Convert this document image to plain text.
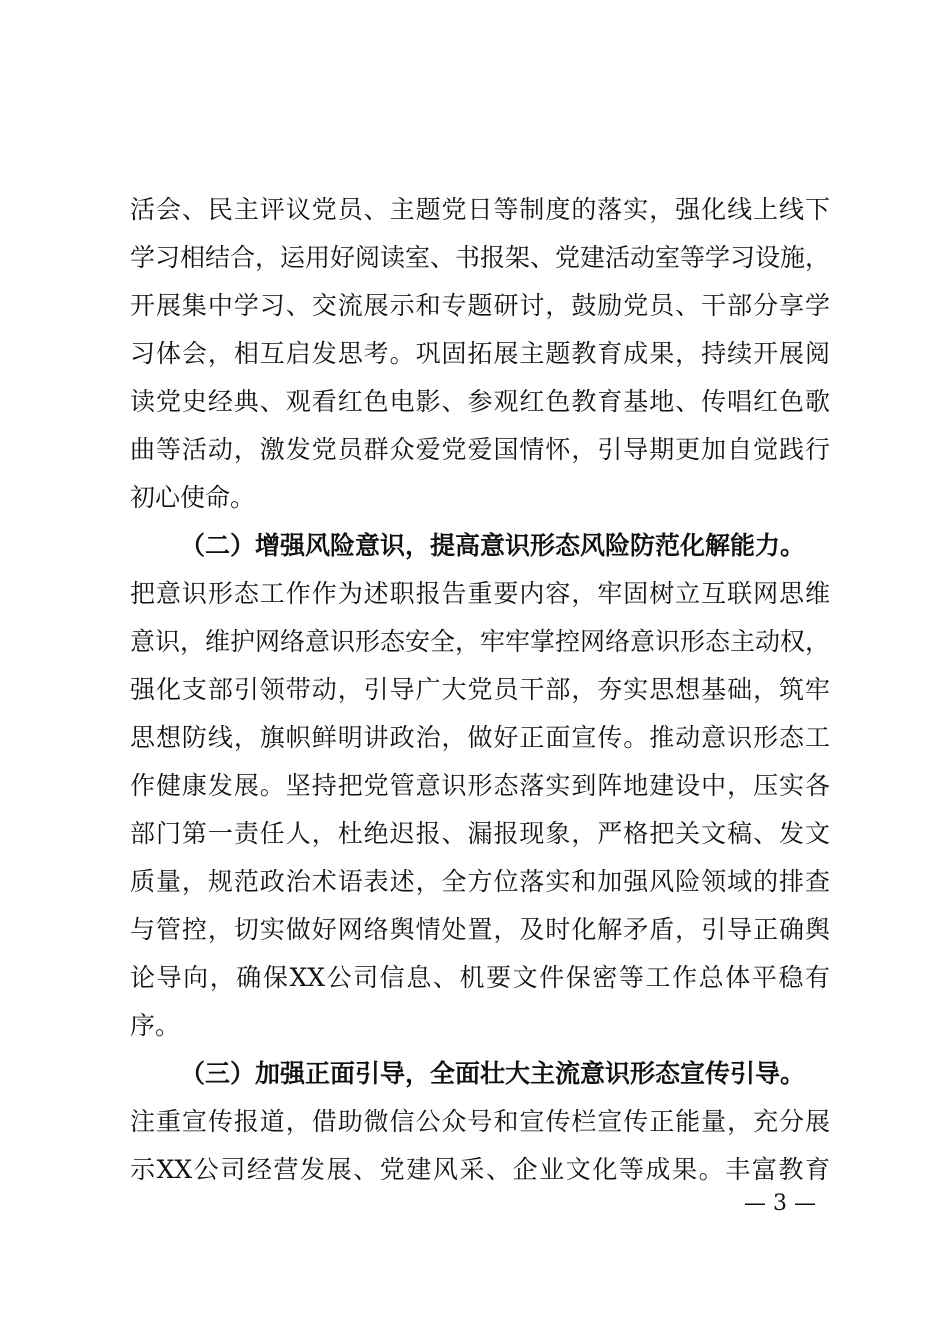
活会、民主评议党员、主题党日等制度的落实，强化线上线下
学习相结合，运用好阅读室、书报架、党建活动室等学习设施，
开展集中学习、交流展示和专题研讨，鼓励党员、干部分享学
习体会，相互启发思考。巩固拓展主题教育成果，持续开展阅
读党史经典、观看红色电影、参观红色教育基地、传唱红色歌
曲等活动，激发党员群众爱党爱国情怀，引导期更加自觉践行
初心使命。
（二）增强风险意识，提高意识形态风险防范化解能力。
把意识形态工作作为述职报告重要内容，牢固树立互联网思维
意识，维护网络意识形态安全，牢牢掌控网络意识形态主动权，
强化支部引领带动，引导广大党员干部，夯实思想基础，筑牢
思想防线，旗帜鲜明讲政治，做好正面宣传。推动意识形态工
作健康发展。坚持把党管意识形态落实到阵地建设中，压实各
部门第一责任人，杜绝迟报、漏报现象，严格把关文稿、发文
质量，规范政治术语表述，全方位落实和加强风险领域的排查
与管控，切实做好网络舆情处置，及时化解矛盾，引导正确舆
论导向，确保XX公司信息、机要文件保密等工作总体平稳有
序。
（三）加强正面引导，全面壮大主流意识形态宣传引导。
注重宣传报道，借助微信公众号和宣传栏宣传正能量，充分展
示XX公司经营发展、党建风采、企业文化等成果。丰富教育
— 3 —
